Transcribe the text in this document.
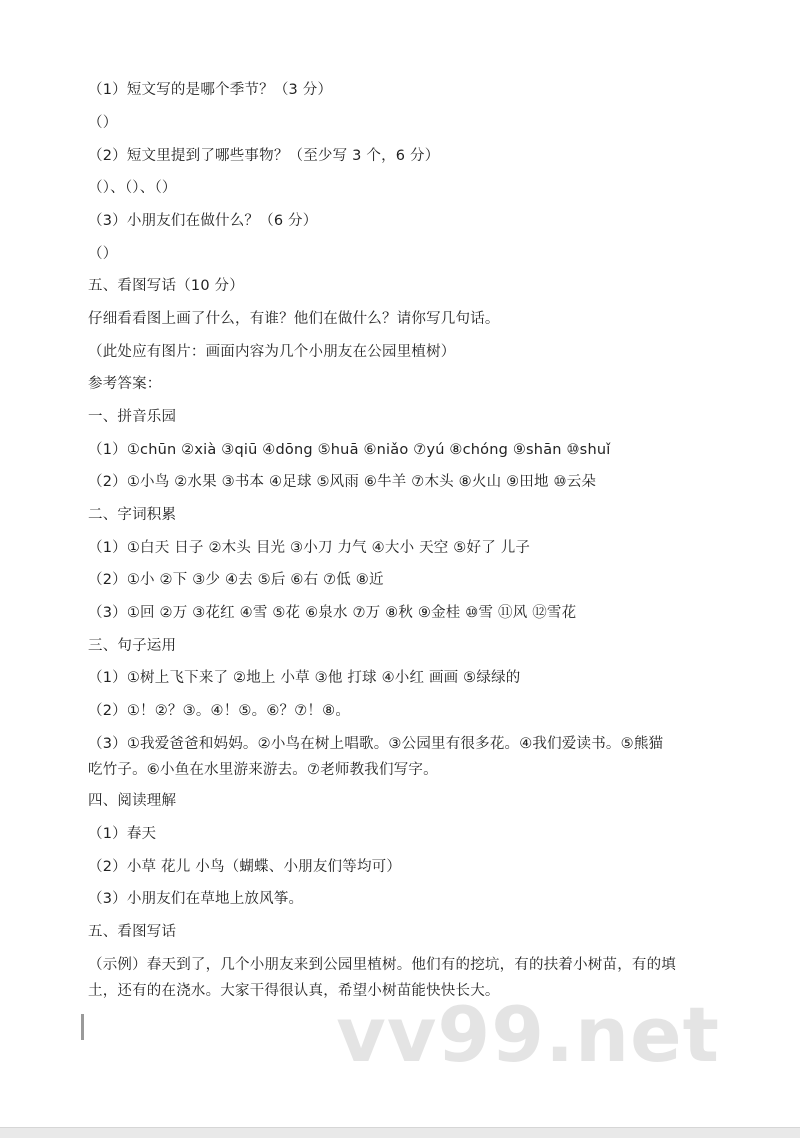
（1）短文写的是哪个季节？（3 分）
（）
（2）短文里提到了哪些事物？（至少写 3 个，6 分）
（）、（）、（）
（3）小朋友们在做什么？（6 分）
（）
五、看图写话（10 分）
仔细看看图上画了什么，有谁？他们在做什么？请你写几句话。
（此处应有图片：画面内容为几个小朋友在公园里植树）
参考答案：
一、拼音乐园
（1）①chūn ②xià ③qiū ④dōng ⑤huā ⑥niǎo ⑦yú ⑧chóng ⑨shān ⑩shuǐ
（2）①小鸟 ②水果 ③书本 ④足球 ⑤风雨 ⑥牛羊 ⑦木头 ⑧火山 ⑨田地 ⑩云朵
二、字词积累
（1）①白天 日子 ②木头 目光 ③小刀 力气 ④大小 天空 ⑤好了 儿子
（2）①小 ②下 ③少 ④去 ⑤后 ⑥右 ⑦低 ⑧近
（3）①回 ②万 ③花红 ④雪 ⑤花 ⑥泉水 ⑦万 ⑧秋 ⑨金桂 ⑩雪 ⑪风 ⑫雪花
三、句子运用
（1）①树上飞下来了 ②地上 小草 ③他 打球 ④小红 画画 ⑤绿绿的
（2）①！②？③。④！⑤。⑥？⑦！⑧。
（3）①我爱爸爸和妈妈。②小鸟在树上唱歌。③公园里有很多花。④我们爱读书。⑤熊猫
吃竹子。⑥小鱼在水里游来游去。⑦老师教我们写字。
四、阅读理解
（1）春天
（2）小草 花儿 小鸟（蝴蝶、小朋友们等均可）
（3）小朋友们在草地上放风筝。
五、看图写话
（示例）春天到了，几个小朋友来到公园里植树。他们有的挖坑，有的扶着小树苗，有的填
土，还有的在浇水。大家干得很认真，希望小树苗能快快长大。
vv99.net
